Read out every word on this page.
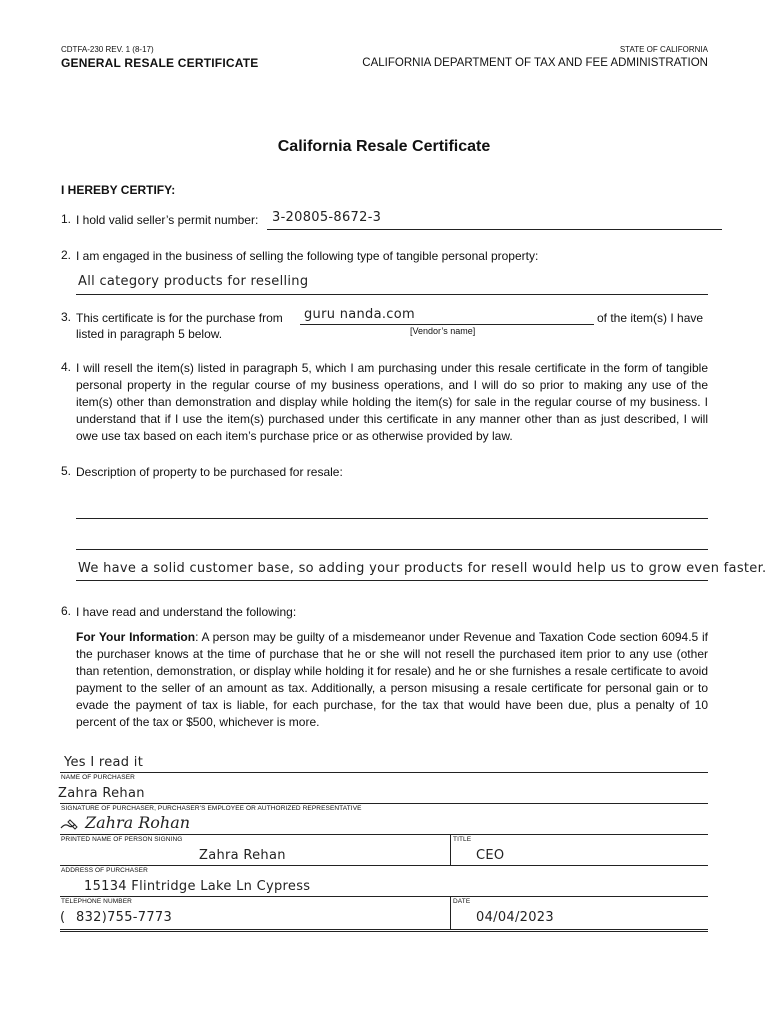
CDTFA-230 REV. 1 (8-17)
GENERAL RESALE CERTIFICATE
STATE OF CALIFORNIA
CALIFORNIA DEPARTMENT OF TAX AND FEE ADMINISTRATION
California Resale Certificate
I HEREBY CERTIFY:
1. I hold valid seller’s permit number: 3-20805-8672-3
2. I am engaged in the business of selling the following type of tangible personal property:
All category products for reselling
3. This certificate is for the purchase from guru nanda.com	of the item(s) I have
listed in paragraph 5 below.	[Vendor’s name]
4. I will resell the item(s) listed in paragraph 5, which I am purchasing under this resale certificate in the form of tangible personal property in the regular course of my business operations, and I will do so prior to making any use of the item(s) other than demonstration and display while holding the item(s) for sale in the regular course of my business. I understand that if I use the item(s) purchased under this certificate in any manner other than as just described, I will owe use tax based on each item’s purchase price or as otherwise provided by law.
5. Description of property to be purchased for resale:
We have a solid customer base, so adding your products for resell would help us to grow even faster.
6. I have read and understand the following:
For Your Information: A person may be guilty of a misdemeanor under Revenue and Taxation Code section 6094.5 if the purchaser knows at the time of purchase that he or she will not resell the purchased item prior to any use (other than retention, demonstration, or display while holding it for resale) and he or she furnishes a resale certificate to avoid payment to the seller of an amount as tax. Additionally, a person misusing a resale certificate for personal gain or to evade the payment of tax is liable, for each purchase, for the tax that would have been due, plus a penalty of 10 percent of the tax or $500, whichever is more.
Yes I read it
NAME OF PURCHASER
Zahra Rehan
SIGNATURE OF PURCHASER, PURCHASER’S EMPLOYEE OR AUTHORIZED REPRESENTATIVE
Zahra Rohan
PRINTED NAME OF PERSON SIGNING
Zahra Rehan
TITLE
CEO
ADDRESS OF PURCHASER
15134 Flintridge Lake Ln Cypress
TELEPHONE NUMBER
( 832)755-7773
DATE
04/04/2023
